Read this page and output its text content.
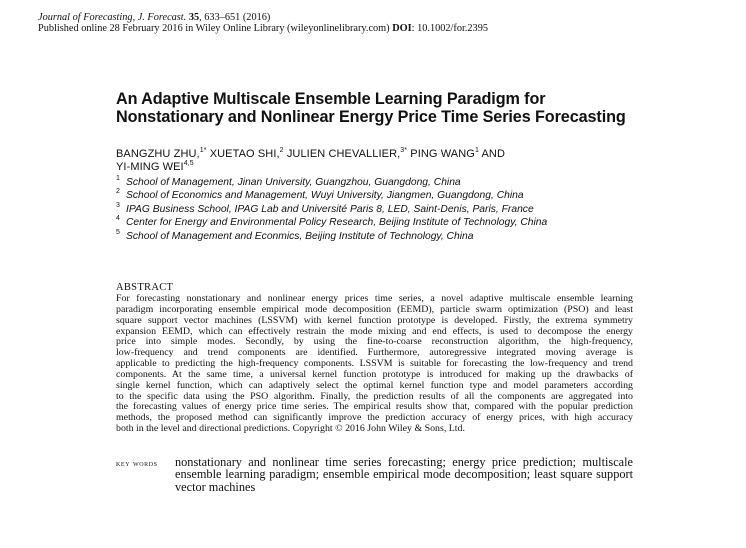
Journal of Forecasting, J. Forecast. 35, 633–651 (2016)
Published online 28 February 2016 in Wiley Online Library (wileyonlinelibrary.com) DOI: 10.1002/for.2395
An Adaptive Multiscale Ensemble Learning Paradigm for
Nonstationary and Nonlinear Energy Price Time Series Forecasting
BANGZHU ZHU,$^{1*}$ XUETAO SHI,$^2$ JULIEN CHEVALLIER,$^{3*}$ PING WANG$^1$ AND
YI-MING WEI$^{4,5}$
$^1$ School of Management, Jinan University, Guangzhou, Guangdong, China
$^2$ School of Economics and Management, Wuyi University, Jiangmen, Guangdong, China
$^3$ IPAG Business School, IPAG Lab and Université Paris 8, LED, Saint-Denis, Paris, France
$^4$ Center for Energy and Environmental Policy Research, Beijing Institute of Technology, China
$^5$ School of Management and Econmics, Beijing Institute of Technology, China
ABSTRACT
For forecasting nonstationary and nonlinear energy prices time series, a novel adaptive multiscale ensemble learning
paradigm incorporating ensemble empirical mode decomposition (EEMD), particle swarm optimization (PSO) and least
square support vector machines (LSSVM) with kernel function prototype is developed. Firstly, the extrema symmetry
expansion EEMD, which can effectively restrain the mode mixing and end effects, is used to decompose the energy
price into simple modes. Secondly, by using the fine-to-coarse reconstruction algorithm, the high-frequency,
low-frequency and trend components are identified. Furthermore, autoregressive integrated moving average is
applicable to predicting the high-frequency components. LSSVM is suitable for forecasting the low-frequency and trend
components. At the same time, a universal kernel function prototype is introduced for making up the drawbacks of
single kernel function, which can adaptively select the optimal kernel function type and model parameters according
to the specific data using the PSO algorithm. Finally, the prediction results of all the components are aggregated into
the forecasting values of energy price time series. The empirical results show that, compared with the popular prediction
methods, the proposed method can significantly improve the prediction accuracy of energy prices, with high accuracy
both in the level and directional predictions. Copyright © 2016 John Wiley & Sons, Ltd.
key words nonstationary and nonlinear time series forecasting; energy price prediction; multiscale
ensemble learning paradigm; ensemble empirical mode decomposition; least square support
vector machines
